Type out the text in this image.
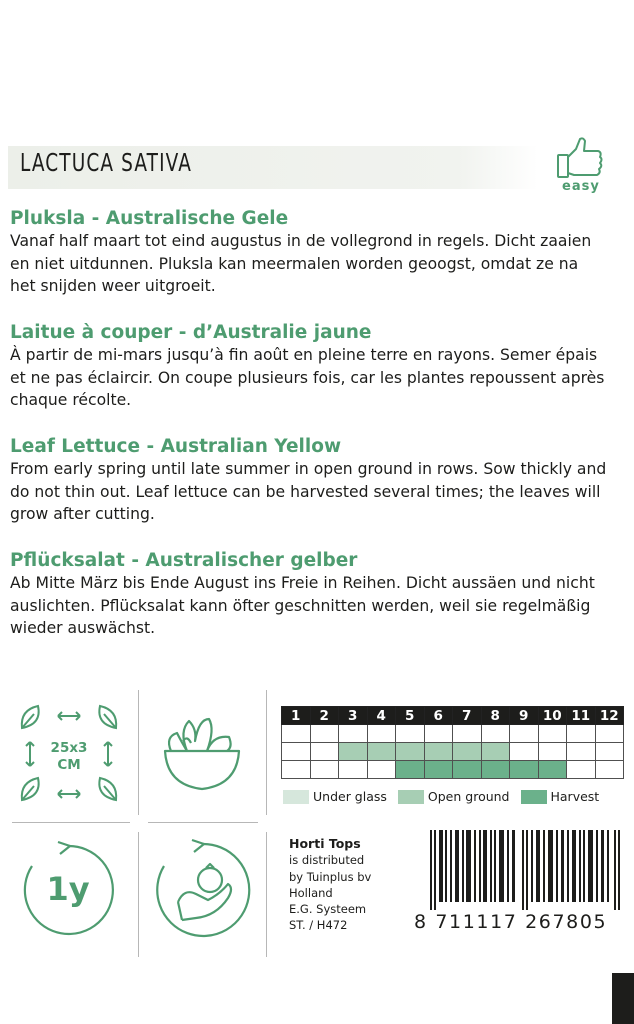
LACTUCA SATIVA
easy
Pluksla - Australische Gele

Vanaf half maart tot eind augustus in de vollegrond in regels. Dicht zaaien
en niet uitdunnen. Pluksla kan meermalen worden geoogst, omdat ze na
het snijden weer uitgroeit.

Laitue à couper - d’Australie jaune

À partir de mi-mars jusqu’à fin août en pleine terre en rayons. Semer épais
et ne pas éclaircir. On coupe plusieurs fois, car les plantes repoussent après
chaque récolte.

Leaf Lettuce - Australian Yellow

From early spring until late summer in open ground in rows. Sow thickly and
do not thin out. Leaf lettuce can be harvested several times; the leaves will
grow after cutting.

Pflücksalat - Australischer gelber

Ab Mitte März bis Ende August ins Freie in Reihen. Dicht aussäen und nicht
auslichten. Pflücksalat kann öfter geschnitten werden, weil sie regelmäßig
wieder auswächst.

25x3
CM
1y
1	2	3	4	5	6	7	8	9	10	11	12

Under glass	Open ground	Harvest
Horti Tops
is distributed
by Tuinplus bv
Holland
E.G. Systeem
ST. / H472	8 711117 267805
